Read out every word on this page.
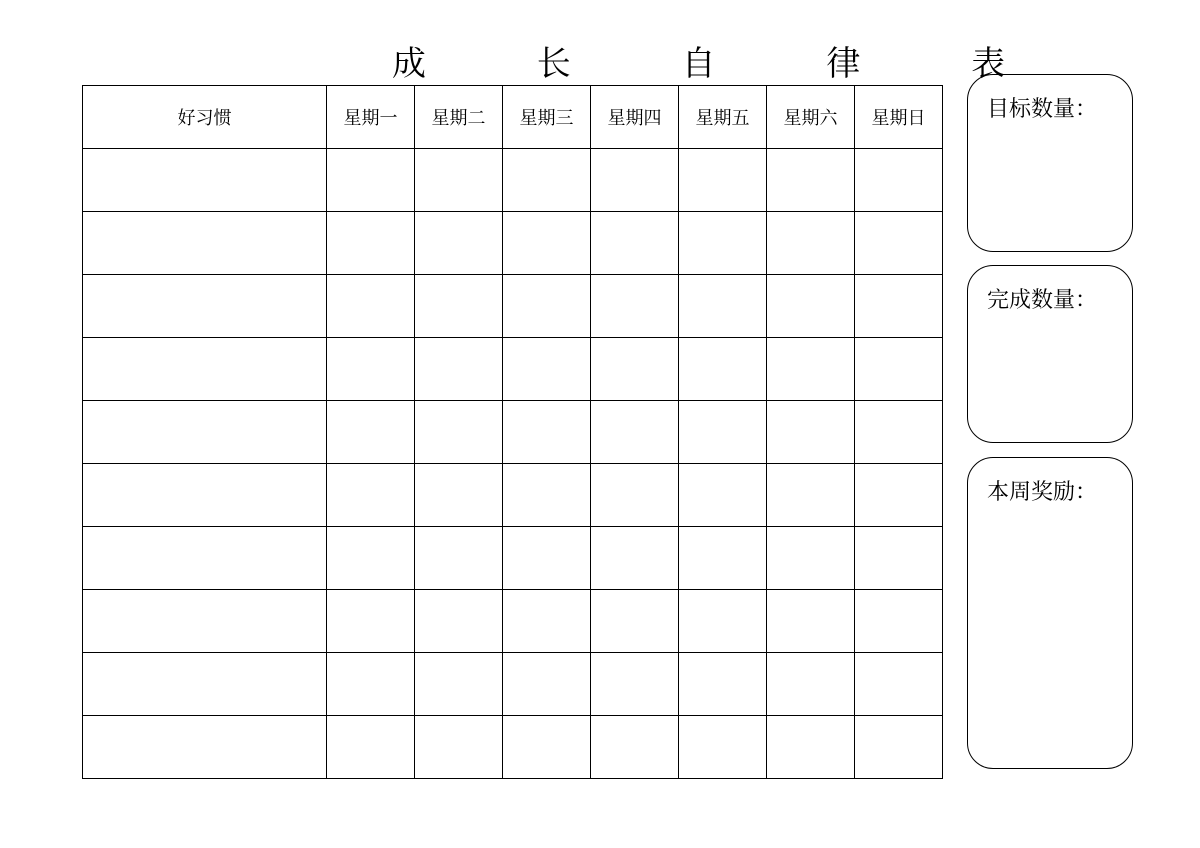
成 长 自 律 表
好习惯	星期一	星期二	星期三	星期四	星期五	星期六	星期日

								目标数量：
完成数量：
本周奖励：
